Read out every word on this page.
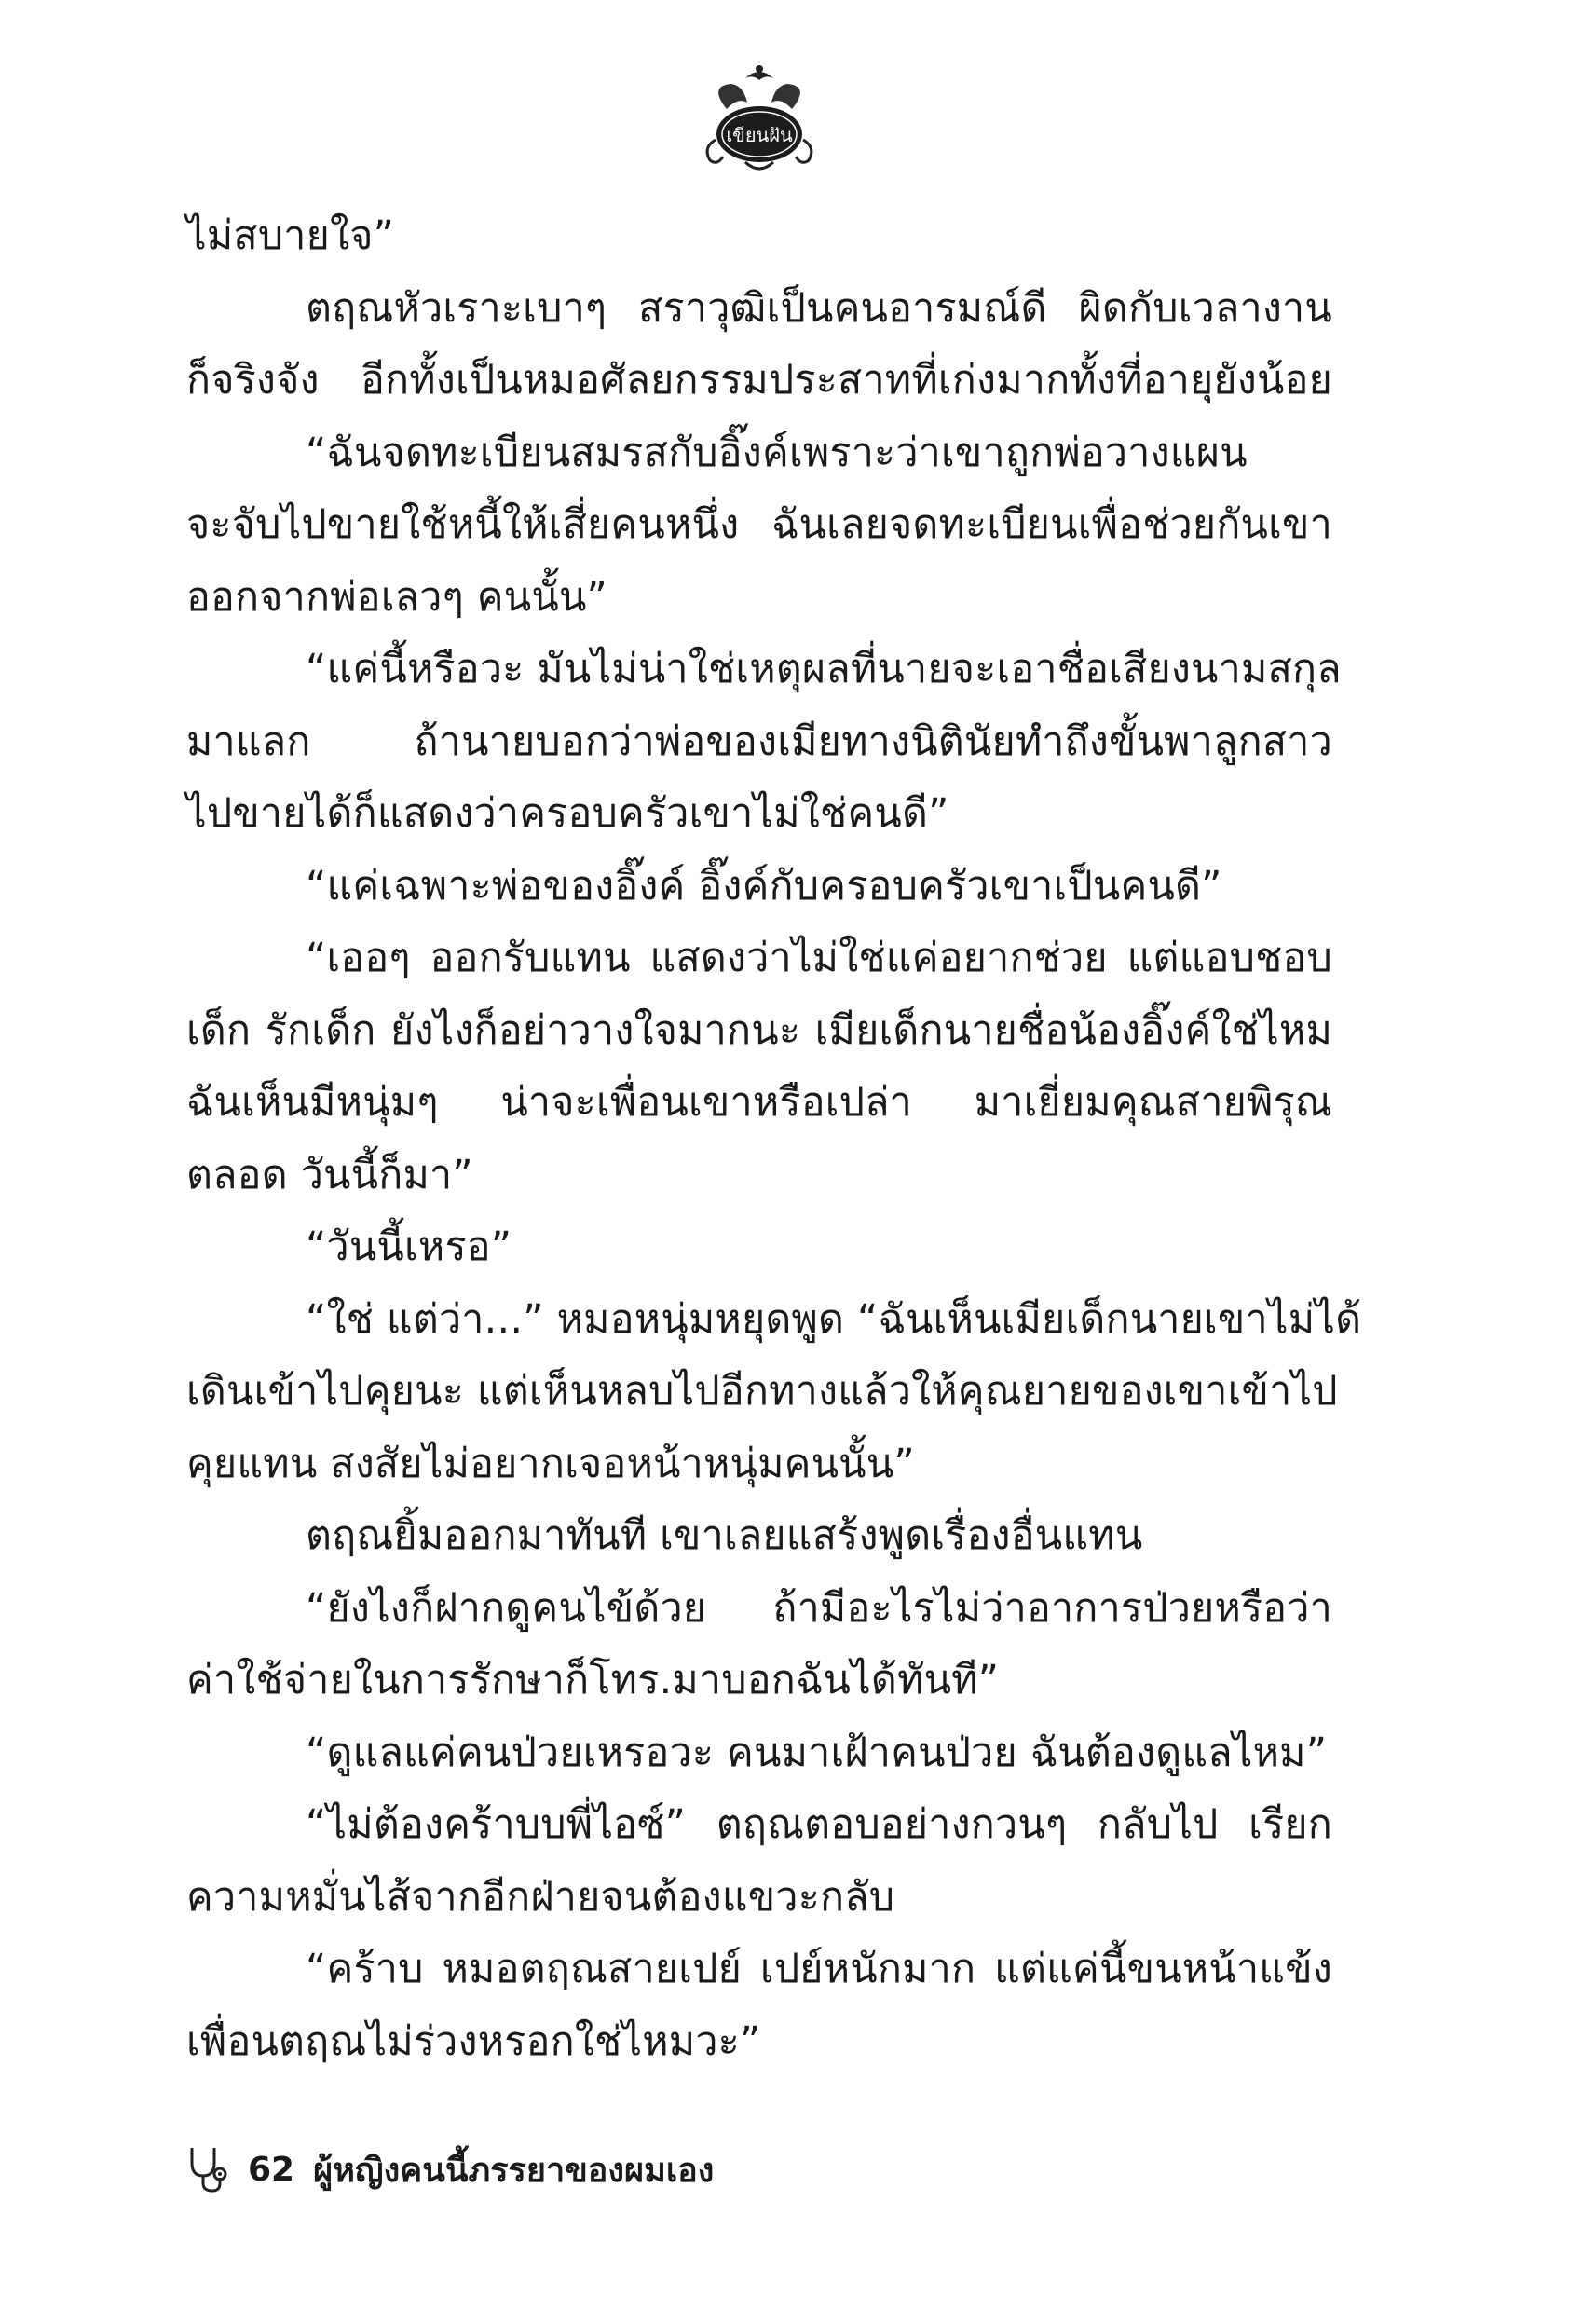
เขียนฝัน
ไม่สบายใจ”
ตฤณหัวเราะเบาๆ สราวุฒิเป็นคนอารมณ์ดี ผิดกับเวลางาน
ก็จริงจัง อีกทั้งเป็นหมอศัลยกรรมประสาทที่เก่งมากทั้งที่อายุยังน้อย
“ฉันจดทะเบียนสมรสกับอิ๊งค์เพราะว่าเขาถูกพ่อวางแผน
จะจับไปขายใช้หนี้ให้เสี่ยคนหนึ่ง ฉันเลยจดทะเบียนเพื่อช่วยกันเขา
ออกจากพ่อเลวๆ คนนั้น”
“แค่นี้หรือวะ มันไม่น่าใช่เหตุผลที่นายจะเอาชื่อเสียงนามสกุล
มาแลก ถ้านายบอกว่าพ่อของเมียทางนิตินัยทำถึงขั้นพาลูกสาว
ไปขายได้ก็แสดงว่าครอบครัวเขาไม่ใช่คนดี”
“แค่เฉพาะพ่อของอิ๊งค์ อิ๊งค์กับครอบครัวเขาเป็นคนดี”
“เออๆ ออกรับแทน แสดงว่าไม่ใช่แค่อยากช่วย แต่แอบชอบ
เด็ก รักเด็ก ยังไงก็อย่าวางใจมากนะ เมียเด็กนายชื่อน้องอิ๊งค์ใช่ไหม
ฉันเห็นมีหนุ่มๆ น่าจะเพื่อนเขาหรือเปล่า มาเยี่ยมคุณสายพิรุณ
ตลอด วันนี้ก็มา”
“วันนี้เหรอ”
“ใช่ แต่ว่า...” หมอหนุ่มหยุดพูด “ฉันเห็นเมียเด็กนายเขาไม่ได้
เดินเข้าไปคุยนะ แต่เห็นหลบไปอีกทางแล้วให้คุณยายของเขาเข้าไป
คุยแทน สงสัยไม่อยากเจอหน้าหนุ่มคนนั้น”
ตฤณยิ้มออกมาทันที เขาเลยแสร้งพูดเรื่องอื่นแทน
“ยังไงก็ฝากดูคนไข้ด้วย ถ้ามีอะไรไม่ว่าอาการป่วยหรือว่า
ค่าใช้จ่ายในการรักษาก็โทร.มาบอกฉันได้ทันที”
“ดูแลแค่คนป่วยเหรอวะ คนมาเฝ้าคนป่วย ฉันต้องดูแลไหม”
“ไม่ต้องคร้าบบพี่ไอซ์” ตฤณตอบอย่างกวนๆ กลับไป เรียก
ความหมั่นไส้จากอีกฝ่ายจนต้องแขวะกลับ
“คร้าบ หมอตฤณสายเปย์ เปย์หนักมาก แต่แค่นี้ขนหน้าแข้ง
เพื่อนตฤณไม่ร่วงหรอกใช่ไหมวะ”
62 ผู้หญิงคนนี้ภรรยาของผมเอง
